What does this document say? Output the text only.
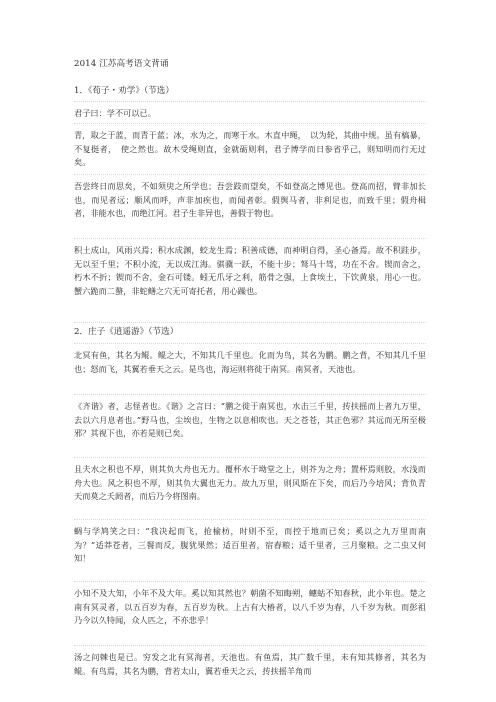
2014 江苏高考语文背诵
1．《荀子・劝学》（节选）
君子曰：学不可以已。
青，取之于蓝，而青于蓝；冰，水为之，而寒于水。木直中绳，　以为轮，其曲中规。虽有槁暴，不复挺者，　使之然也。故木受绳则直，金就砺则利，君子博学而日参省乎己，则知明而行无过矣。
吾尝终日而思矣，不如须臾之所学也；吾尝跂而望矣，不如登高之博见也。登高而招，臂非加长也，而见者远；顺风而呼，声非加疾也，而闻者彰。假舆马者，非利足也，而致千里；假舟楫者，非能水也，而绝江河。君子生非异也，善假于物也。
积土成山，风雨兴焉；积水成渊，蛟龙生焉；积善成德，而神明自得，圣心备焉。故不积跬步，无以至千里；不积小流，无以成江海。骐骥一跃，不能十步；驽马十驾，功在不舍。锲而舍之，朽木不折；锲而不舍，金石可镂。蚓无爪牙之利，筋骨之强，上食埃土，下饮黄泉，用心一也。蟹六跪而二螯，非蛇鳝之穴无可寄托者，用心躁也。
2．庄子《逍遥游》（节选）
北冥有鱼，其名为鲲。鲲之大，不知其几千里也。化而为鸟，其名为鹏。鹏之背，不知其几千里也；怒而飞，其翼若垂天之云。是鸟也，海运则将徙于南冥。南冥者，天池也。
《齐谐》者，志怪者也。《谐》之言曰：“鹏之徙于南冥也，水击三千里，抟扶摇而上者九万里，去以六月息者也。”野马也，尘埃也，生物之以息相吹也。天之苍苍，其正色邪？其远而无所至极邪？其视下也，亦若是则已矣。
且夫水之积也不厚，则其负大舟也无力。覆杯水于坳堂之上，则芥为之舟；置杯焉则胶，水浅而舟大也。风之积也不厚，则其负大翼也无力。故九万里，则风斯在下矣，而后乃今培风；背负青天而莫之夭阏者，而后乃今将图南。
蜩与学鸠笑之曰：“我决起而飞，抢榆枋，时则不至，而控于地而已矣；奚以之九万里而南为？”适莽苍者，三餐而反，腹犹果然；适百里者，宿舂粮；适千里者，三月聚粮。之二虫又何知！
小知不及大知，小年不及大年。奚以知其然也？朝菌不知晦朔，蟪蛄不知春秋，此小年也。楚之南有冥灵者，以五百岁为春，五百岁为秋。上古有大椿者，以八千岁为春，八千岁为秋。而彭祖乃今以久特闻，众人匹之，不亦悲乎！
汤之问棘也是已。穷发之北有冥海者，天池也。有鱼焉，其广数千里，未有知其修者，其名为鲲。有鸟焉，其名为鹏，背若太山，翼若垂天之云，抟扶摇羊角而
